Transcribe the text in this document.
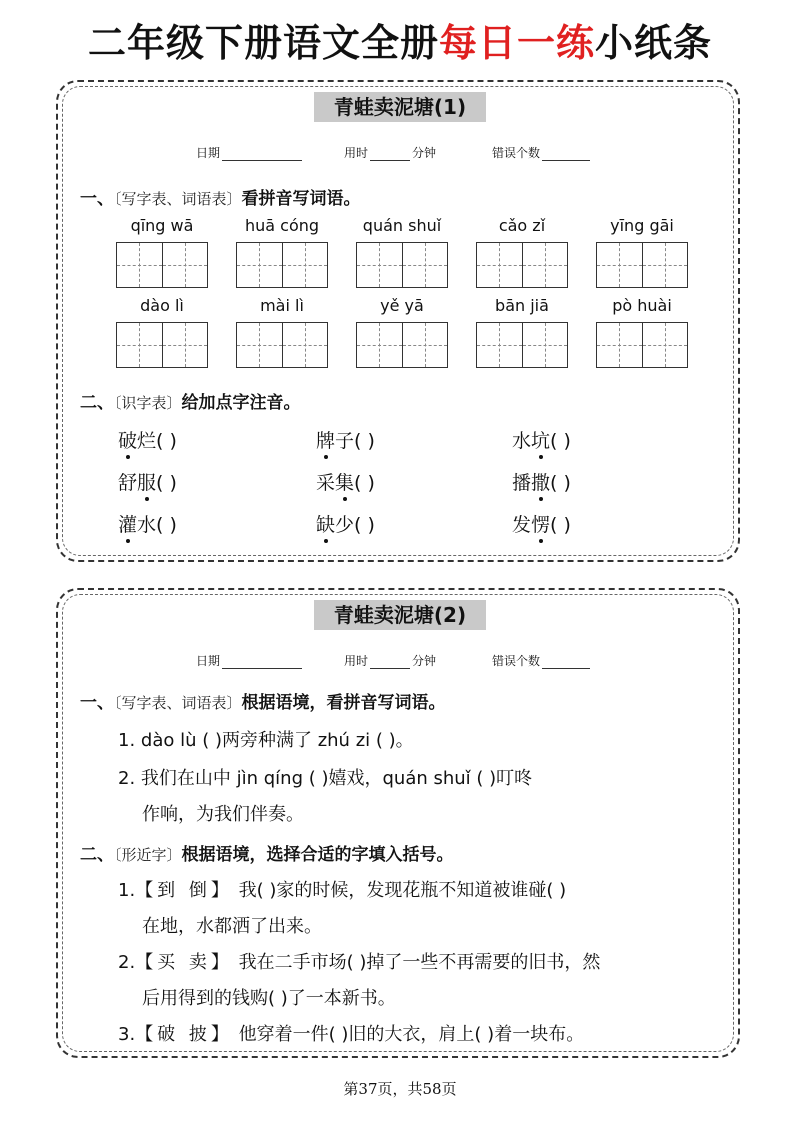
二年级下册语文全册每日一练小纸条
青蛙卖泥塘(1)
日期	用时	分钟	错误个数
一、〔写字表、词语表〕看拼音写词语。
qīng wā	huā cóng	quán shuǐ	cǎo zǐ	yīng gāi
dào lì	mài lì	yě yā	bān jiā	pò huài
二、〔识字表〕给加点字注音。
破烂( )	牌子( )	水坑( )
舒服( )	采集( )	播撒( )
灌水( )	缺少( )	发愣( )
青蛙卖泥塘(2)
日期	用时	分钟	错误个数
一、〔写字表、词语表〕根据语境，看拼音写词语。
1. dào lù ( )两旁种满了 zhú zi ( )。
2. 我们在山中 jìn qíng ( )嬉戏，quán shuǐ ( )叮咚
作响，为我们伴奏。
二、〔形近字〕根据语境，选择合适的字填入括号。
1.【到 倒】 我( )家的时候，发现花瓶不知道被谁碰( )
在地，水都洒了出来。
2.【买 卖】 我在二手市场( )掉了一些不再需要的旧书，然
后用得到的钱购( )了一本新书。
3.【破 披】 他穿着一件( )旧的大衣，肩上( )着一块布。
第37页，共58页
